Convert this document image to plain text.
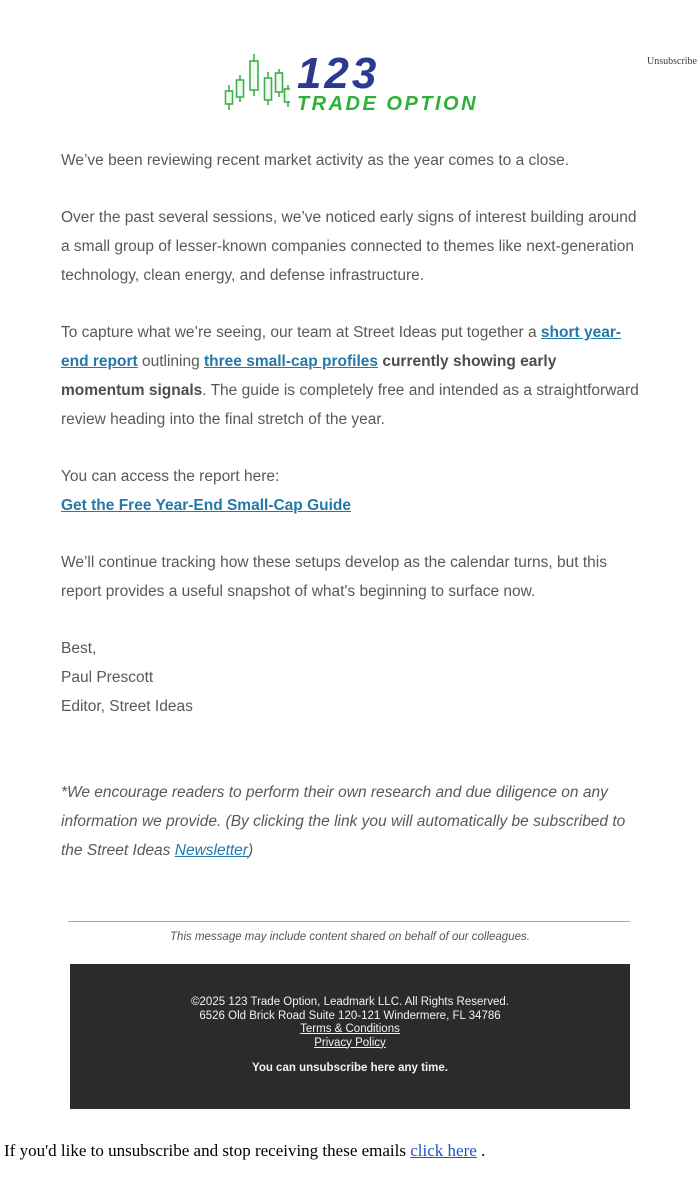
Unsubscribe
123
TRADE OPTION

We’ve been reviewing recent market activity as the year comes to a close.

Over the past several sessions, we’ve noticed early signs of interest building around a small group of lesser-known companies connected to themes like next-generation technology, clean energy, and defense infrastructure.

To capture what we’re seeing, our team at Street Ideas put together a short year-end report outlining three small-cap profiles currently showing early momentum signals. The guide is completely free and intended as a straightforward review heading into the final stretch of the year.

You can access the report here:

Get the Free Year-End Small-Cap Guide

We’ll continue tracking how these setups develop as the calendar turns, but this report provides a useful snapshot of what's beginning to surface now.

Best,

Paul Prescott

Editor, Street Ideas

*We encourage readers to perform their own research and due diligence on any information we provide. (By clicking the link you will automatically be subscribed to the Street Ideas Newsletter)

This message may include content shared on behalf of our colleagues.
©2025 123 Trade Option, Leadmark LLC. All Rights Reserved.
6526 Old Brick Road Suite 120-121 Windermere, FL 34786
Terms & Conditions
Privacy Policy
You can unsubscribe here any time.
If you'd like to unsubscribe and stop receiving these emails click here .
